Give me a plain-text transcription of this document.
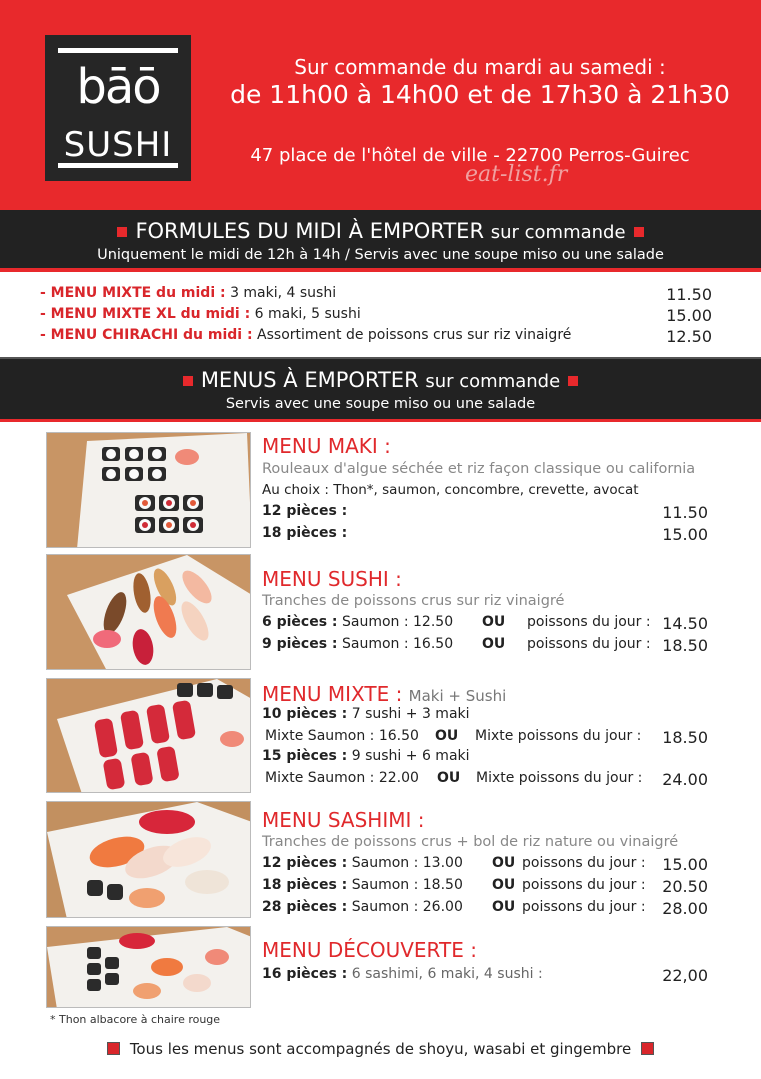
bāō
SUSHI
Sur commande du mardi au samedi :
de 11h00 à 14h00 et de 17h30 à 21h30
47 place de l'hôtel de ville - 22700 Perros-Guirec
eat-list.fr
FORMULES DU MIDI À EMPORTER sur commande
Uniquement le midi de 12h à 14h / Servis avec une soupe miso ou une salade
- MENU MIXTE du midi : 3 maki, 4 sushi	11.50
- MENU MIXTE XL du midi : 6 maki, 5 sushi	15.00
- MENU CHIRACHI du midi : Assortiment de poissons crus sur riz vinaigré	12.50
MENUS À EMPORTER sur commande
Servis avec une soupe miso ou une salade
MENU MAKI :
Rouleaux d'algue séchée et riz façon classique ou california
Au choix : Thon*, saumon, concombre, crevette, avocat
12 pièces :	11.50
18 pièces :	15.00
MENU SUSHI :
Tranches de poissons crus sur riz vinaigré
6 pièces : Saumon : 12.50 OU poissons du jour : 14.50
9 pièces : Saumon : 16.50 OU poissons du jour : 18.50
MENU MIXTE : Maki + Sushi
10 pièces : 7 sushi + 3 maki
Mixte Saumon : 16.50 OU Mixte poissons du jour : 18.50
15 pièces : 9 sushi + 6 maki
Mixte Saumon : 22.00 OU Mixte poissons du jour : 24.00
MENU SASHIMI :
Tranches de poissons crus + bol de riz nature ou vinaigré
12 pièces : Saumon : 13.00 OU poissons du jour : 15.00
18 pièces : Saumon : 18.50 OU poissons du jour : 20.50
28 pièces : Saumon : 26.00 OU poissons du jour : 28.00
MENU DÉCOUVERTE :
16 pièces : 6 sashimi, 6 maki, 4 sushi :	22,00
* Thon albacore à chaire rouge
Tous les menus sont accompagnés de shoyu, wasabi et gingembre
